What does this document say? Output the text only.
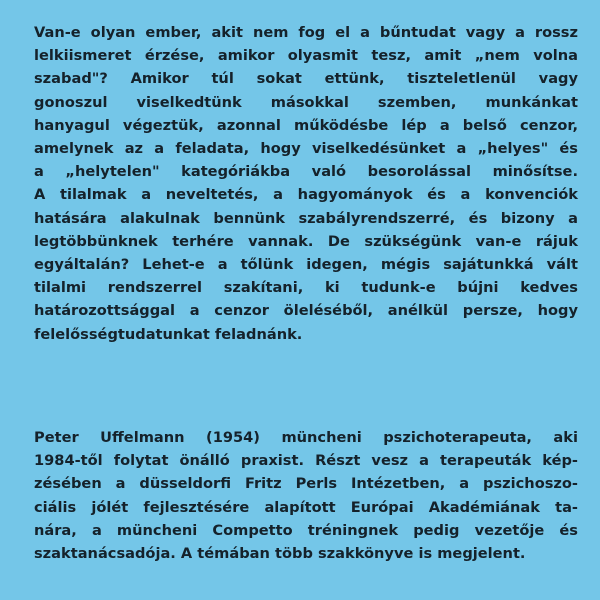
Van-e olyan ember, akit nem fog el a bűntudat vagy a rossz
lelkiismeret érzése, amikor olyasmit tesz, amit „nem volna
szabad"? Amikor túl sokat ettünk, tiszteletlenül vagy
gonoszul viselkedtünk másokkal szemben, munkánkat
hanyagul végeztük, azonnal működésbe lép a belső cenzor,
amelynek az a feladata, hogy viselkedésünket a „helyes" és
a „helytelen" kategóriákba való besorolással minősítse.
A tilalmak a neveltetés, a hagyományok és a konvenciók
hatására alakulnak bennünk szabályrendszerré, és bizony a
legtöbbünknek terhére vannak. De szükségünk van-e rájuk
egyáltalán? Lehet-e a tőlünk idegen, mégis sajátunkká vált
tilalmi rendszerrel szakítani, ki tudunk-e bújni kedves
határozottsággal a cenzor öleléséből, anélkül persze, hogy
felelősségtudatunkat feladnánk.
Peter Uffelmann (1954) müncheni pszichoterapeuta, aki
1984-től folytat önálló praxist. Részt vesz a terapeuták kép-
zésében a düsseldorfi Fritz Perls Intézetben, a pszichoszo-
ciális jólét fejlesztésére alapított Európai Akadémiának ta-
nára, a müncheni Competto tréningnek pedig vezetője és
szaktanácsadója. A témában több szakkönyve is megjelent.
